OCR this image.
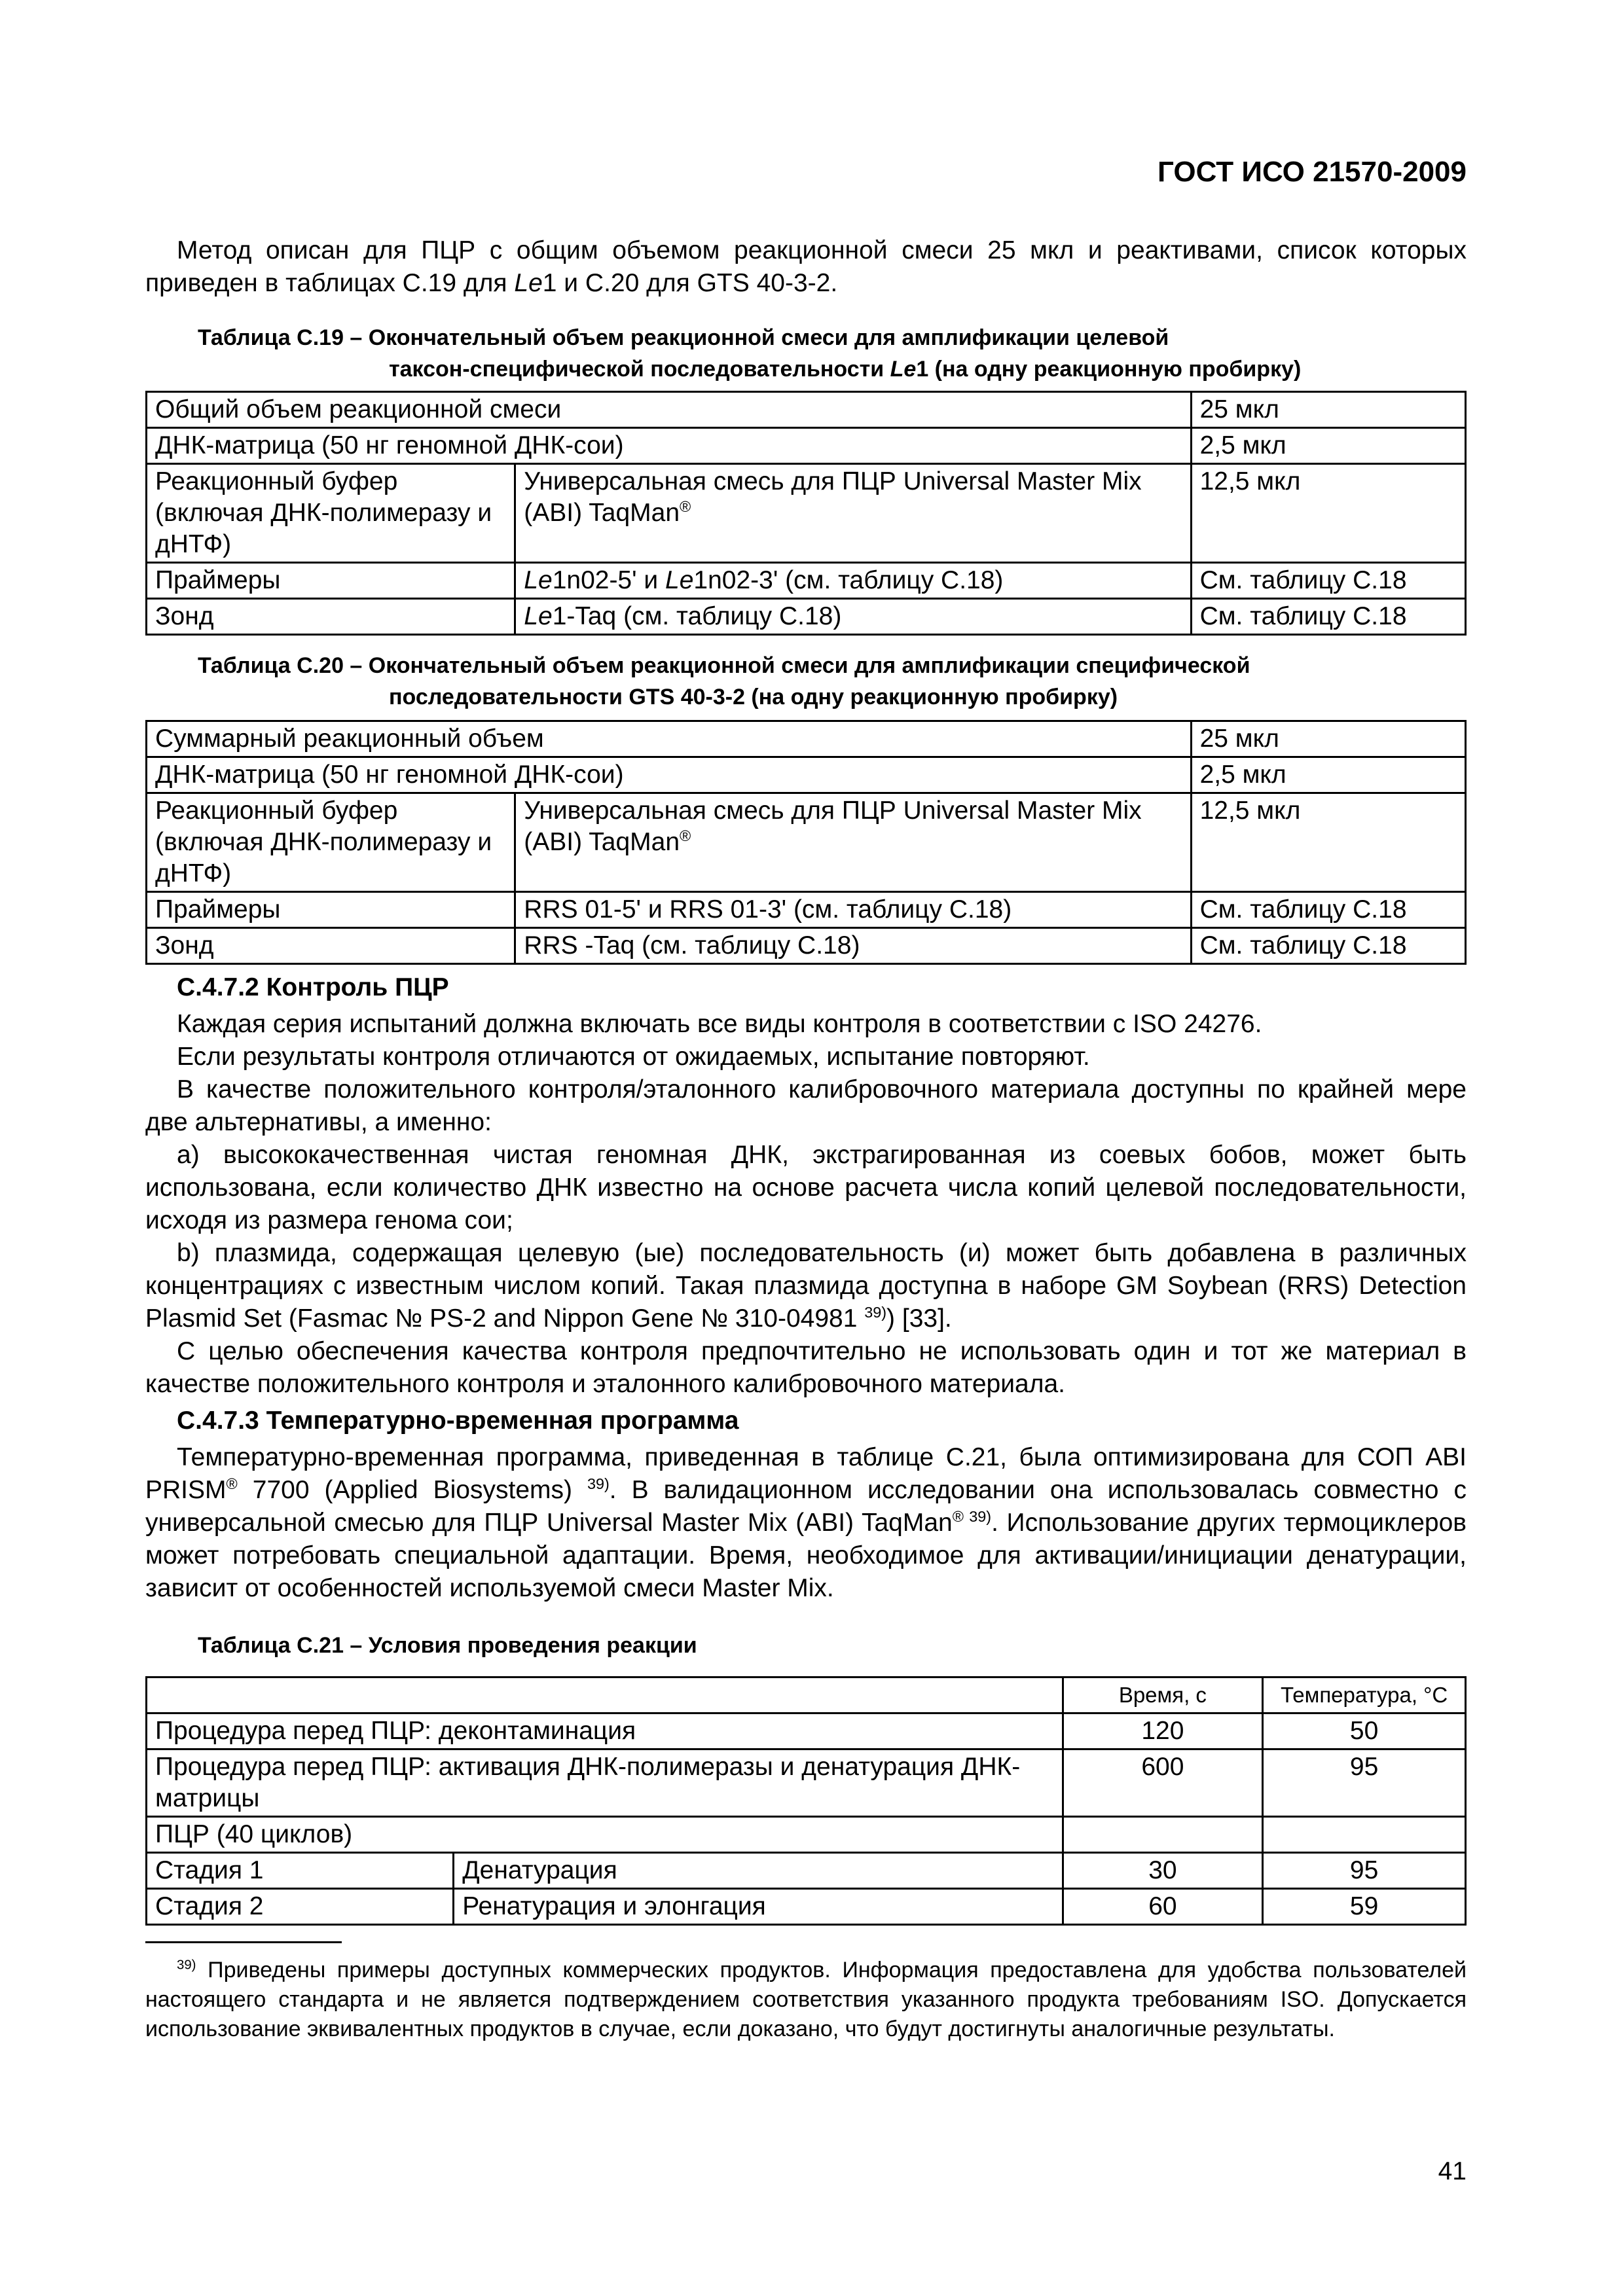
ГОСТ ИСО 21570-2009

Метод описан для ПЦР с общим объемом реакционной смеси 25 мкл и реактивами, список которых приведен в таблицах С.19 для Le1 и С.20 для GTS 40-3-2.

Таблица С.19 – Окончательный объем реакционной смеси для амплификации целевой
таксон-специфической последовательности Le1 (на одну реакционную пробирку)
Общий объем реакционной смеси		25 мкл
ДНК-матрица (50 нг геномной ДНК-сои)		2,5 мкл
Реакционный буфер (включая ДНК-полимеразу и дНТФ)	Универсальная смесь для ПЦР Universal Master Mix (ABI) TaqMan®	12,5 мкл
Праймеры	Le1n02-5' и Le1n02-3' (см. таблицу С.18)	См. таблицу С.18
Зонд	Le1-Taq (см. таблицу С.18)	См. таблицу С.18
Таблица С.20 – Окончательный объем реакционной смеси для амплификации специфической
последовательности GTS 40-3-2 (на одну реакционную пробирку)
Суммарный реакционный объем		25 мкл
ДНК-матрица (50 нг геномной ДНК-сои)		2,5 мкл
Реакционный буфер (включая ДНК-полимеразу и дНТФ)	Универсальная смесь для ПЦР Universal Master Mix (ABI) TaqMan®	12,5 мкл
Праймеры	RRS 01-5' и RRS 01-3' (см. таблицу С.18)	См. таблицу С.18
Зонд	RRS -Taq (см. таблицу С.18)	См. таблицу С.18
С.4.7.2 Контроль ПЦР

Каждая серия испытаний должна включать все виды контроля в соответствии с ISO 24276.

Если результаты контроля отличаются от ожидаемых, испытание повторяют.

В качестве положительного контроля/эталонного калибровочного материала доступны по крайней мере две альтернативы, а именно:

а) высококачественная чистая геномная ДНК, экстрагированная из соевых бобов, может быть использована, если количество ДНК известно на основе расчета числа копий целевой последовательности, исходя из размера генома сои;

b) плазмида, содержащая целевую (ые) последовательность (и) может быть добавлена в различных концентрациях с известным числом копий. Такая плазмида доступна в наборе GM Soybean (RRS) Detection Plasmid Set (Fasmac № PS-2 and Nippon Gene № 310-04981 $^{39)}$) [33].

С целью обеспечения качества контроля предпочтительно не использовать один и тот же материал в качестве положительного контроля и эталонного калибровочного материала.

С.4.7.3 Температурно-временная программа

Температурно-временная программа, приведенная в таблице С.21, была оптимизирована для СОП ABI PRISM® 7700 (Applied Biosystems) $^{39)}$. В валидационном исследовании она использовалась совместно с универсальной смесью для ПЦР Universal Master Mix (ABI) TaqMan$^{® 39)}$. Использование других термоциклеров может потребовать специальной адаптации. Время, необходимое для активации/инициации денатурации, зависит от особенностей используемой смеси Master Mix.

Таблица С.21 – Условия проведения реакции
		Время, с	Температура, °С
Процедура перед ПЦР: деконтаминация		120	50
Процедура перед ПЦР: активация ДНК-полимеразы и денатурация ДНК-матрицы		600	95
ПЦР (40 циклов)			
Стадия 1	Денатурация	30	95
Стадия 2	Ренатурация и элонгация	60	59

$^{39)}$ Приведены примеры доступных коммерческих продуктов. Информация предоставлена для удобства пользователей настоящего стандарта и не является подтверждением соответствия указанного продукта требованиям ISO. Допускается использование эквивалентных продуктов в случае, если доказано, что будут достигнуты аналогичные результаты.

41
